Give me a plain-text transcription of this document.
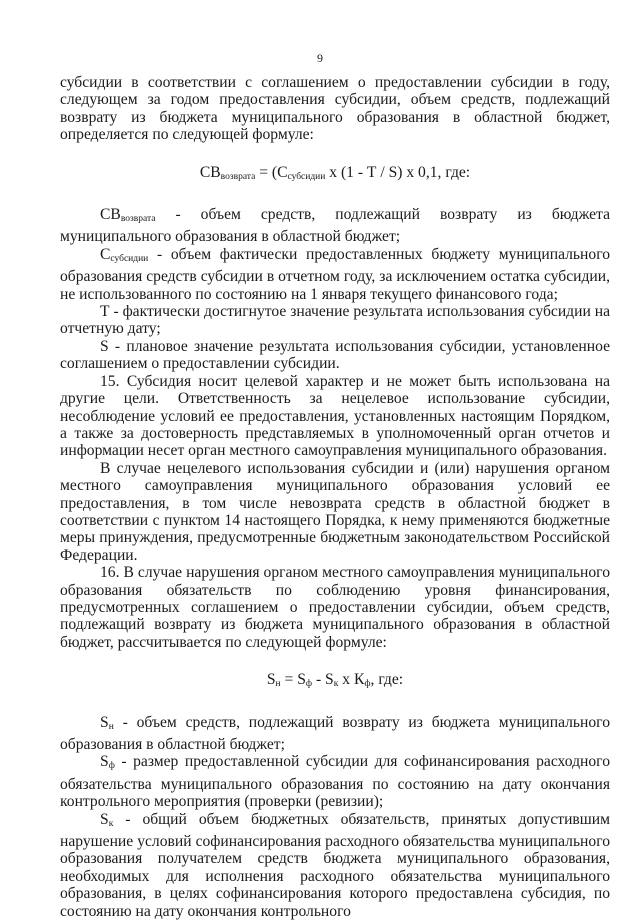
9

субсидии в соответствии с соглашением о предоставлении субсидии в году, следующем за годом предоставления субсидии, объем средств, подлежащий возврату из бюджета муниципального образования в областной бюджет, определяется по следующей формуле:

$СВ_{возврата} = (С_{субсидии}$ х (1 - Т / S) х 0,1, где:

$СВ_{возврата}$ - объем средств, подлежащий возврату из бюджета муниципального образования в областной бюджет;

$С_{субсидии}$ - объем фактически предоставленных бюджету муниципального образования средств субсидии в отчетном году, за исключением остатка субсидии, не использованного по состоянию на 1 января текущего финансового года;

Т - фактически достигнутое значение результата использования субсидии на отчетную дату;

S - плановое значение результата использования субсидии, установленное соглашением о предоставлении субсидии.

15. Субсидия носит целевой характер и не может быть использована на другие цели. Ответственность за нецелевое использование субсидии, несоблюдение условий ее предоставления, установленных настоящим Порядком, а также за достоверность представляемых в уполномоченный орган отчетов и информации несет орган местного самоуправления муниципального образования.

В случае нецелевого использования субсидии и (или) нарушения органом местного самоуправления муниципального образования условий ее предоставления, в том числе невозврата средств в областной бюджет в соответствии с пунктом 14 настоящего Порядка, к нему применяются бюджетные меры принуждения, предусмотренные бюджетным законодательством Российской Федерации.

16. В случае нарушения органом местного самоуправления муниципального образования обязательств по соблюдению уровня финансирования, предусмотренных соглашением о предоставлении субсидии, объем средств, подлежащий возврату из бюджета муниципального образования в областной бюджет, рассчитывается по следующей формуле:

$S_н = S_ф - S_к$ х $К_ф$, где:

$S_н$ - объем средств, подлежащий возврату из бюджета муниципального образования в областной бюджет;

$S_ф$ - размер предоставленной субсидии для софинансирования расходного обязательства муниципального образования по состоянию на дату окончания контрольного мероприятия (проверки (ревизии);

$S_к$ - общий объем бюджетных обязательств, принятых допустившим нарушение условий софинансирования расходного обязательства муниципального образования получателем средств бюджета муниципального образования, необходимых для исполнения расходного обязательства муниципального образования, в целях софинансирования которого предоставлена субсидия, по состоянию на дату окончания контрольного
